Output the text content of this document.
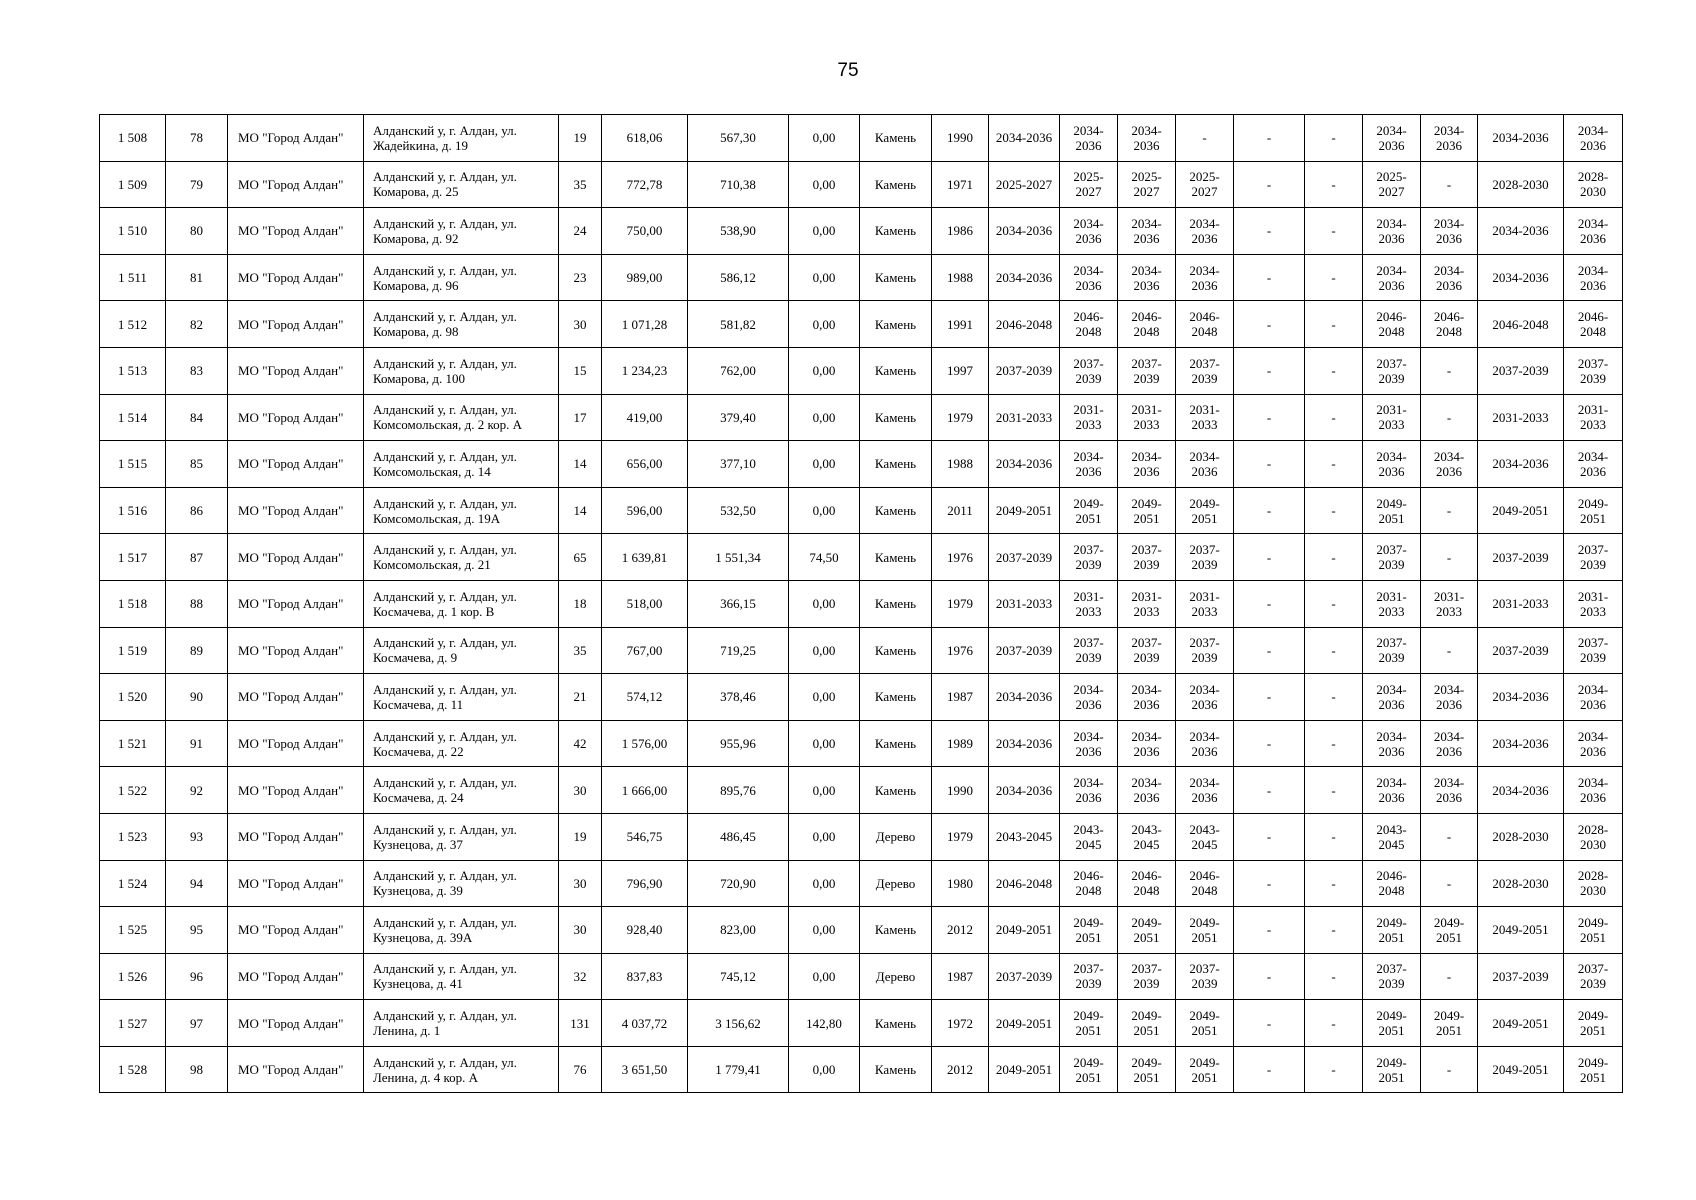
75
1 508	78	МО "Город Алдан"	Алданский у, г. Алдан, ул. Жадейкина, д. 19	19	618,06	567,30	0,00	Камень	1990	2034-2036	2034-2036	2034-2036	-	-	-	2034-2036	2034-2036	2034-2036	2034-2036
1 509	79	МО "Город Алдан"	Алданский у, г. Алдан, ул. Комарова, д. 25	35	772,78	710,38	0,00	Камень	1971	2025-2027	2025-2027	2025-2027	2025-2027	-	-	2025-2027	-	2028-2030	2028-2030
1 510	80	МО "Город Алдан"	Алданский у, г. Алдан, ул. Комарова, д. 92	24	750,00	538,90	0,00	Камень	1986	2034-2036	2034-2036	2034-2036	2034-2036	-	-	2034-2036	2034-2036	2034-2036	2034-2036
1 511	81	МО "Город Алдан"	Алданский у, г. Алдан, ул. Комарова, д. 96	23	989,00	586,12	0,00	Камень	1988	2034-2036	2034-2036	2034-2036	2034-2036	-	-	2034-2036	2034-2036	2034-2036	2034-2036
1 512	82	МО "Город Алдан"	Алданский у, г. Алдан, ул. Комарова, д. 98	30	1 071,28	581,82	0,00	Камень	1991	2046-2048	2046-2048	2046-2048	2046-2048	-	-	2046-2048	2046-2048	2046-2048	2046-2048
1 513	83	МО "Город Алдан"	Алданский у, г. Алдан, ул. Комарова, д. 100	15	1 234,23	762,00	0,00	Камень	1997	2037-2039	2037-2039	2037-2039	2037-2039	-	-	2037-2039	-	2037-2039	2037-2039
1 514	84	МО "Город Алдан"	Алданский у, г. Алдан, ул. Комсомольская, д. 2 кор. А	17	419,00	379,40	0,00	Камень	1979	2031-2033	2031-2033	2031-2033	2031-2033	-	-	2031-2033	-	2031-2033	2031-2033
1 515	85	МО "Город Алдан"	Алданский у, г. Алдан, ул. Комсомольская, д. 14	14	656,00	377,10	0,00	Камень	1988	2034-2036	2034-2036	2034-2036	2034-2036	-	-	2034-2036	2034-2036	2034-2036	2034-2036
1 516	86	МО "Город Алдан"	Алданский у, г. Алдан, ул. Комсомольская, д. 19А	14	596,00	532,50	0,00	Камень	2011	2049-2051	2049-2051	2049-2051	2049-2051	-	-	2049-2051	-	2049-2051	2049-2051
1 517	87	МО "Город Алдан"	Алданский у, г. Алдан, ул. Комсомольская, д. 21	65	1 639,81	1 551,34	74,50	Камень	1976	2037-2039	2037-2039	2037-2039	2037-2039	-	-	2037-2039	-	2037-2039	2037-2039
1 518	88	МО "Город Алдан"	Алданский у, г. Алдан, ул. Космачева, д. 1 кор. В	18	518,00	366,15	0,00	Камень	1979	2031-2033	2031-2033	2031-2033	2031-2033	-	-	2031-2033	2031-2033	2031-2033	2031-2033
1 519	89	МО "Город Алдан"	Алданский у, г. Алдан, ул. Космачева, д. 9	35	767,00	719,25	0,00	Камень	1976	2037-2039	2037-2039	2037-2039	2037-2039	-	-	2037-2039	-	2037-2039	2037-2039
1 520	90	МО "Город Алдан"	Алданский у, г. Алдан, ул. Космачева, д. 11	21	574,12	378,46	0,00	Камень	1987	2034-2036	2034-2036	2034-2036	2034-2036	-	-	2034-2036	2034-2036	2034-2036	2034-2036
1 521	91	МО "Город Алдан"	Алданский у, г. Алдан, ул. Космачева, д. 22	42	1 576,00	955,96	0,00	Камень	1989	2034-2036	2034-2036	2034-2036	2034-2036	-	-	2034-2036	2034-2036	2034-2036	2034-2036
1 522	92	МО "Город Алдан"	Алданский у, г. Алдан, ул. Космачева, д. 24	30	1 666,00	895,76	0,00	Камень	1990	2034-2036	2034-2036	2034-2036	2034-2036	-	-	2034-2036	2034-2036	2034-2036	2034-2036
1 523	93	МО "Город Алдан"	Алданский у, г. Алдан, ул. Кузнецова, д. 37	19	546,75	486,45	0,00	Дерево	1979	2043-2045	2043-2045	2043-2045	2043-2045	-	-	2043-2045	-	2028-2030	2028-2030
1 524	94	МО "Город Алдан"	Алданский у, г. Алдан, ул. Кузнецова, д. 39	30	796,90	720,90	0,00	Дерево	1980	2046-2048	2046-2048	2046-2048	2046-2048	-	-	2046-2048	-	2028-2030	2028-2030
1 525	95	МО "Город Алдан"	Алданский у, г. Алдан, ул. Кузнецова, д. 39А	30	928,40	823,00	0,00	Камень	2012	2049-2051	2049-2051	2049-2051	2049-2051	-	-	2049-2051	2049-2051	2049-2051	2049-2051
1 526	96	МО "Город Алдан"	Алданский у, г. Алдан, ул. Кузнецова, д. 41	32	837,83	745,12	0,00	Дерево	1987	2037-2039	2037-2039	2037-2039	2037-2039	-	-	2037-2039	-	2037-2039	2037-2039
1 527	97	МО "Город Алдан"	Алданский у, г. Алдан, ул. Ленина, д. 1	131	4 037,72	3 156,62	142,80	Камень	1972	2049-2051	2049-2051	2049-2051	2049-2051	-	-	2049-2051	2049-2051	2049-2051	2049-2051
1 528	98	МО "Город Алдан"	Алданский у, г. Алдан, ул. Ленина, д. 4 кор. А	76	3 651,50	1 779,41	0,00	Камень	2012	2049-2051	2049-2051	2049-2051	2049-2051	-	-	2049-2051	-	2049-2051	2049-2051
